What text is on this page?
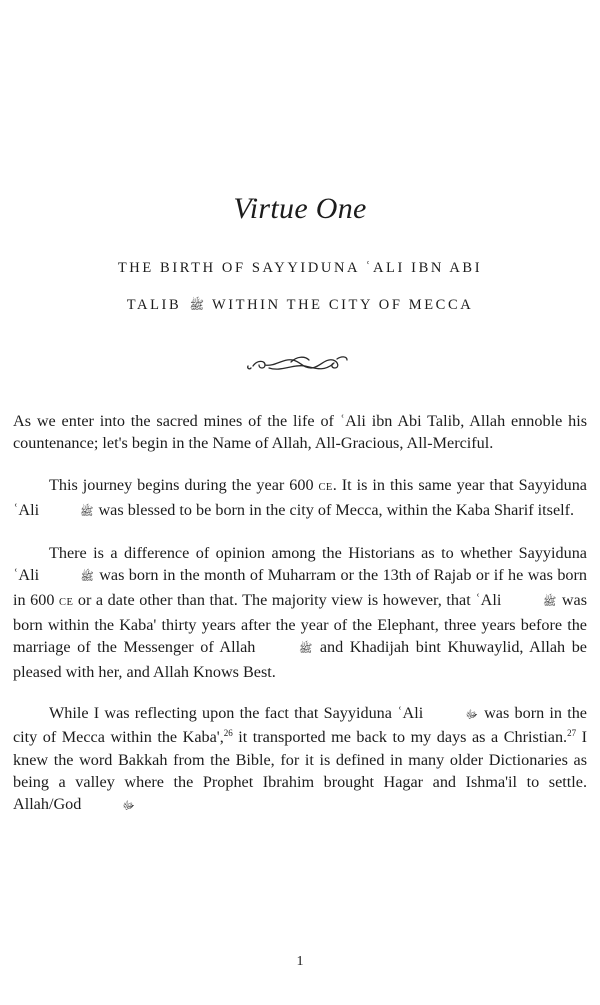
Virtue One
THE BIRTH OF SAYYIDUNA ʿALI IBN ABI
TALIB ﷺ WITHIN THE CITY OF MECCA

As we enter into the sacred mines of the life of ʿAli ibn Abi Talib, Allah ennoble his countenance; let's begin in the Name of Allah, All-Gracious, All-Merciful.

This journey begins during the year 600 CE. It is in this same year that Sayyiduna ʿAli	ﷺ was blessed to be born in the city of Mecca, within the Kaba Sharif itself.

There is a difference of opinion among the Historians as to whether Sayyiduna ʿAli	ﷺ was born in the month of Muharram or the 13th of Rajab or if he was born in 600 CE or a date other than that. The majority view is however, that ʿAli	ﷺ was born within the Kaba' thirty years after the year of the Elephant, three years before the marriage of the Messenger of Allah	ﷺ and Khadijah bint Khuwaylid, Allah be pleased with her, and Allah Knows Best.

While I was reflecting upon the fact that Sayyiduna ʿAli	ﷻ was born in the city of Mecca within the Kaba',$^{26}$ it transported me back to my days as a Christian.$^{27}$ I knew the word Bakkah from the Bible, for it is defined in many older Dictionaries as being a valley where the Prophet Ibrahim brought Hagar and Ishma'il to settle. Allah/God	ﷻ

1
